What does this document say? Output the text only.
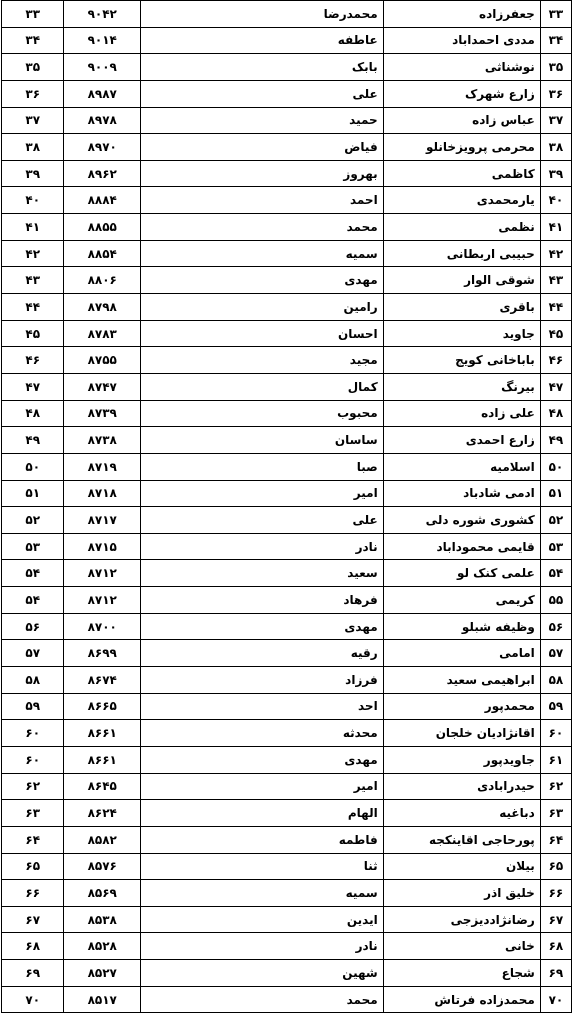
۳۳	جعفرزاده	محمدرضا	۹۰۴۲	۳۳
۳۴	مددی احمداباد	عاطفه	۹۰۱۴	۳۴
۳۵	نوشناثی	بابک	۹۰۰۹	۳۵
۳۶	زارع شهرک	علی	۸۹۸۷	۳۶
۳۷	عباس زاده	حمید	۸۹۷۸	۳۷
۳۸	محرمی پرویزخانلو	فیاض	۸۹۷۰	۳۸
۳۹	کاظمی	بهروز	۸۹۶۲	۳۹
۴۰	یارمحمدی	احمد	۸۸۸۴	۴۰
۴۱	نظمی	محمد	۸۸۵۵	۴۱
۴۲	حبیبی اربطانی	سمیه	۸۸۵۴	۴۲
۴۳	شوقی الوار	مهدی	۸۸۰۶	۴۳
۴۴	باقری	رامین	۸۷۹۸	۴۴
۴۵	جاوید	احسان	۸۷۸۳	۴۵
۴۶	باباخانی کویج	مجید	۸۷۵۵	۴۶
۴۷	بیرنگ	کمال	۸۷۴۷	۴۷
۴۸	علی زاده	محبوب	۸۷۳۹	۴۸
۴۹	زارع احمدی	ساسان	۸۷۳۸	۴۹
۵۰	اسلامیه	صبا	۸۷۱۹	۵۰
۵۱	ادمی شادباد	امیر	۸۷۱۸	۵۱
۵۲	کشوری شوره دلی	علی	۸۷۱۷	۵۲
۵۳	قایمی محموداباد	نادر	۸۷۱۵	۵۳
۵۴	علمی کنک لو	سعید	۸۷۱۲	۵۴
۵۵	کریمی	فرهاد	۸۷۱۲	۵۴
۵۶	وظیفه شبلو	مهدی	۸۷۰۰	۵۶
۵۷	امامی	رقیه	۸۶۹۹	۵۷
۵۸	ابراهیمی سعید	فرزاد	۸۶۷۴	۵۸
۵۹	محمدپور	احد	۸۶۶۵	۵۹
۶۰	اقانژادیان خلجان	محدثه	۸۶۶۱	۶۰
۶۱	جاویدپور	مهدی	۸۶۶۱	۶۰
۶۲	حیدرابادی	امیر	۸۶۴۵	۶۲
۶۳	دباغیه	الهام	۸۶۲۴	۶۳
۶۴	پورحاجی اقاینکجه	فاطمه	۸۵۸۲	۶۴
۶۵	بیلان	ثنا	۸۵۷۶	۶۵
۶۶	خلیق اذر	سمیه	۸۵۶۹	۶۶
۶۷	رضانژاددیزجی	ایدین	۸۵۳۸	۶۷
۶۸	خانی	نادر	۸۵۲۸	۶۸
۶۹	شجاع	شهین	۸۵۲۷	۶۹
۷۰	محمدزاده فرتاش	محمد	۸۵۱۷	۷۰
